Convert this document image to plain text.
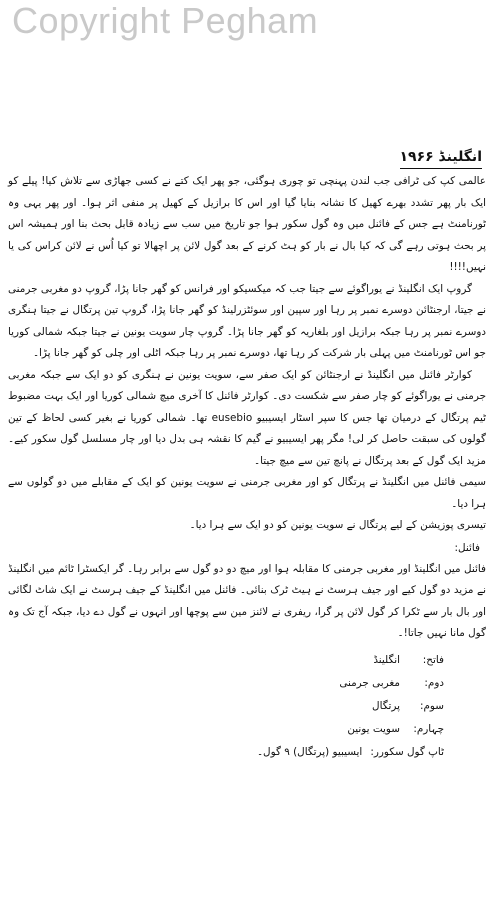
Copyright Pegham
انگلینڈ ۱۹۶۶

عالمی کپ کی ٹرافی جب لندن پہنچی تو چوری ہوگئی، جو پھر ایک کتے نے کسی جھاڑی سے تلاش کیا! پیلے کو ایک بار پھر تشدد بھرے کھیل کا نشانہ بنایا گیا اور اس کا برازیل کے کھیل پر منفی اثر ہوا۔ اور پھر یہی وہ ٹورنامنٹ ہے جس کے فائنل میں وہ گول سکور ہوا جو تاریخ میں سب سے زیادہ قابل بحث بنا اور ہمیشہ اس پر بحث ہوتی رہے گی کہ کیا بال نے بار کو ہٹ کرنے کے بعد گول لائن پر اچھالا تو کیا اُس نے لائن کراس کی یا نہیں!!!!

گروپ ایک انگلینڈ نے یوراگوئے سے جیتا جب کہ میکسیکو اور فرانس کو گھر جانا پڑا، گروپ دو مغربی جرمنی نے جیتا، ارجنٹائن دوسرے نمبر پر رہا اور سپین اور سوئٹزرلینڈ کو گھر جانا پڑا، گروپ تین پرتگال نے جیتا ہنگری دوسرے نمبر پر رہا جبکہ برازیل اور بلغاریہ کو گھر جانا پڑا۔ گروپ چار سویت یونین نے جیتا جبکہ شمالی کوریا جو اس ٹورنامنٹ میں پہلی بار شرکت کر رہا تھا، دوسرے نمبر پر رہا جبکہ اٹلی اور چلی کو گھر جانا پڑا۔

کوارٹر فائنل میں انگلینڈ نے ارجنٹائن کو ایک صفر سے، سویت یونین نے ہنگری کو دو ایک سے جبکہ مغربی جرمنی نے یوراگوئے کو چار صفر سے شکست دی۔ کوارٹر فائنل کا آخری میچ شمالی کوریا اور ایک بہت مضبوط ٹیم پرتگال کے درمیان تھا جس کا سپر اسٹار ایسیبیو eusebio تھا۔ شمالی کوریا نے بغیر کسی لحاظ کے تین گولوں کی سبقت حاصل کر لی! مگر پھر ایسیبیو نے گیم کا نقشہ ہی بدل دیا اور چار مسلسل گول سکور کیے۔ مزید ایک گول کے بعد پرتگال نے پانچ تین سے میچ جیتا۔

سیمی فائنل میں انگلینڈ نے پرتگال کو اور مغربی جرمنی نے سویت یونین کو ایک کے مقابلے میں دو گولوں سے ہرا دیا۔

تیسری پوزیشن کے لیے پرتگال نے سویت یونین کو دو ایک سے ہرا دیا۔

فائنل:

فائنل میں انگلینڈ اور مغربی جرمنی کا مقابلہ ہوا اور میچ دو دو گول سے برابر رہا۔ گر ایکسٹرا ٹائم میں انگلینڈ نے مزید دو گول کیے اور جیف ہرسٹ نے ہیٹ ٹرک بنائی۔ فائنل میں انگلینڈ کے جیف ہرسٹ نے ایک شاٹ لگائی اور بال بار سے ٹکرا کر گول لائن پر گرا، ریفری نے لائنز مین سے پوچھا اور انہوں نے گول دے دیا، جبکہ آج تک وہ گول مانا نہیں جاتا!۔

فاتح:انگلینڈ
دوم:مغربی جرمنی
سوم:پرتگال
چہارم:سویت یونین
ٹاپ گول سکورر:ایسیبیو (پرتگال) ۹ گول۔
